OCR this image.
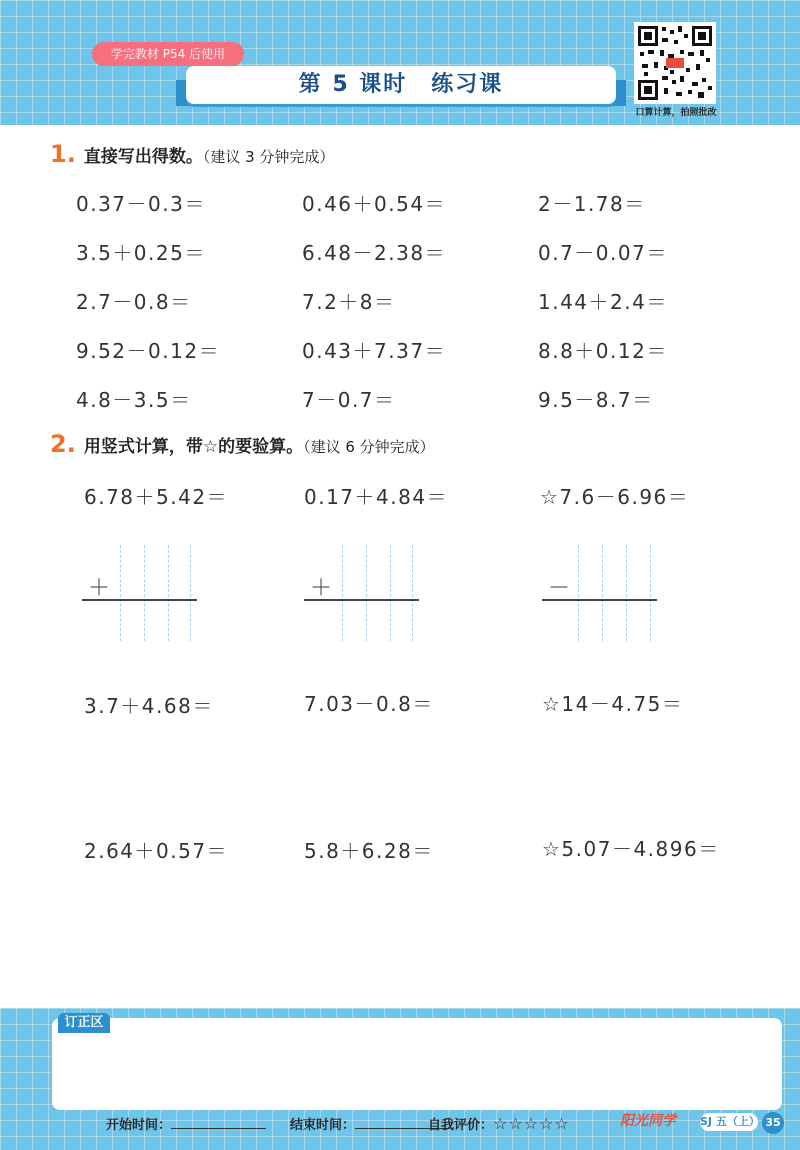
学完教材 P54 后使用
第 5 课时　练习课
口算计算，拍照批改
1. 直接写出得数。（建议 3 分钟完成）
0.37－0.3＝	0.46＋0.54＝	2－1.78＝
3.5＋0.25＝	6.48－2.38＝	0.7－0.07＝
2.7－0.8＝	7.2＋8＝	1.44＋2.4＝
9.52－0.12＝	0.43＋7.37＝	8.8＋0.12＝
4.8－3.5＝	7－0.7＝	9.5－8.7＝
2. 用竖式计算，带☆的要验算。（建议 6 分钟完成）
6.78＋5.42＝	0.17＋4.84＝	☆7.6－6.96＝
＋	＋	－
3.7＋4.68＝	7.03－0.8＝	☆14－4.75＝
2.64＋0.57＝	5.8＋6.28＝	☆5.07－4.896＝
订正区
开始时间：	结束时间：	自我评价：☆☆☆☆☆	阳光同学 SJ 五（上） 35
